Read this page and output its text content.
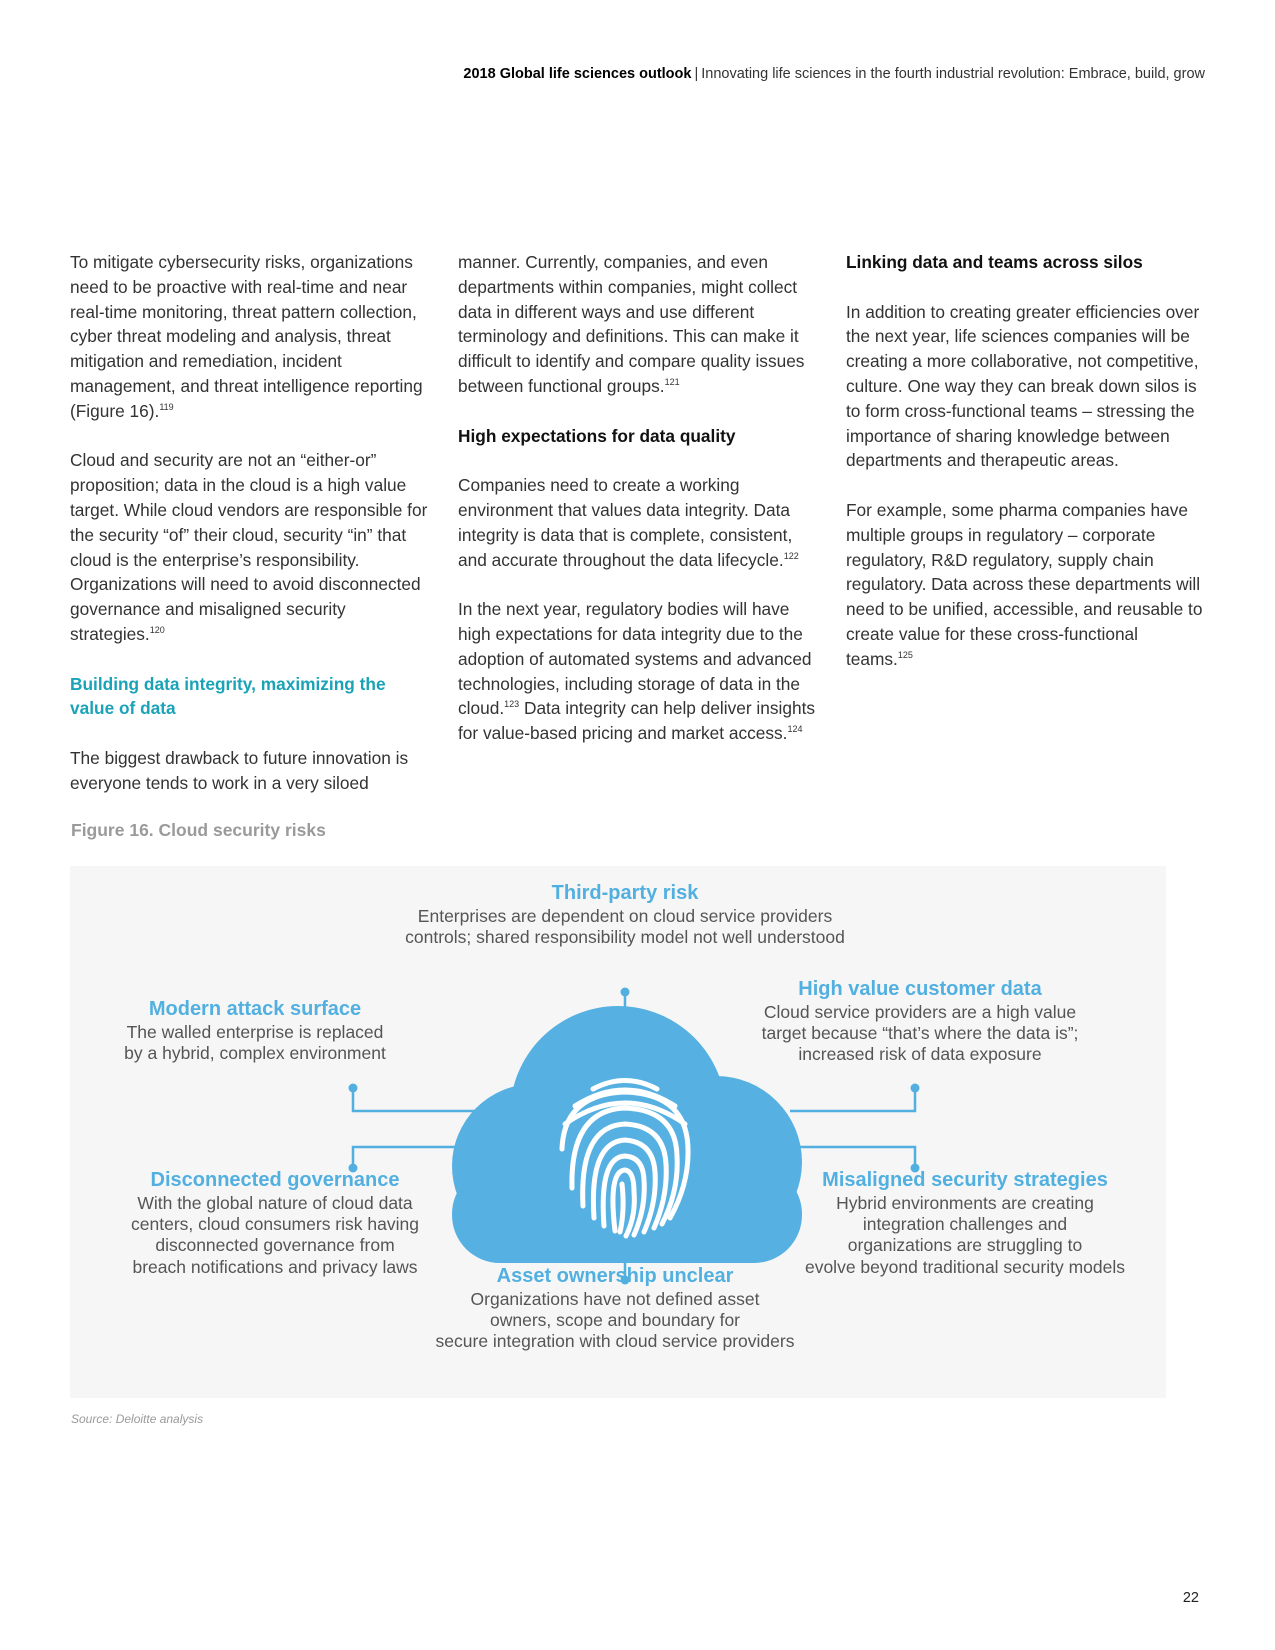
2018 Global life sciences outlook | Innovating life sciences in the fourth industrial revolution: Embrace, build, grow

To mitigate cybersecurity risks, organizations need to be proactive with real-time and near real-time monitoring, threat pattern collection, cyber threat modeling and analysis, threat mitigation and remediation, incident management, and threat intelligence reporting (Figure 16).$^{119}$

Cloud and security are not an “either-or” proposition; data in the cloud is a high value target. While cloud vendors are responsible for the security “of” their cloud, security “in” that cloud is the enterprise’s responsibility. Organizations will need to avoid disconnected governance and misaligned security strategies.$^{120}$

Building data integrity, maximizing the value of data

The biggest drawback to future innovation is everyone tends to work in a very siloed

manner. Currently, companies, and even departments within companies, might collect data in different ways and use different terminology and definitions. This can make it difficult to identify and compare quality issues between functional groups.$^{121}$

High expectations for data quality

Companies need to create a working environment that values data integrity. Data integrity is data that is complete, consistent, and accurate throughout the data lifecycle.$^{122}$

In the next year, regulatory bodies will have high expectations for data integrity due to the adoption of automated systems and advanced technologies, including storage of data in the cloud.$^{123}$ Data integrity can help deliver insights for value-based pricing and market access.$^{124}$

Linking data and teams across silos

In addition to creating greater efficiencies over the next year, life sciences companies will be creating a more collaborative, not competitive, culture. One way they can break down silos is to form cross-functional teams – stressing the importance of sharing knowledge between departments and therapeutic areas.

For example, some pharma companies have multiple groups in regulatory – corporate regulatory, R&D regulatory, supply chain regulatory. Data across these departments will need to be unified, accessible, and reusable to create value for these cross-functional teams.$^{125}$

Figure 16. Cloud security risks
Third-party risk
Enterprises are dependent on cloud service providers
controls; shared responsibility model not well understood
Modern attack surface
The walled enterprise is replaced
by a hybrid, complex environment
High value customer data
Cloud service providers are a high value
target because “that’s where the data is”;
increased risk of data exposure
Disconnected governance
With the global nature of cloud data
centers, cloud consumers risk having
disconnected governance from
breach notifications and privacy laws
Misaligned security strategies
Hybrid environments are creating
integration challenges and
organizations are struggling to
evolve beyond traditional security models
Asset ownership unclear
Organizations have not defined asset
owners, scope and boundary for
secure integration with cloud service providers
Source: Deloitte analysis
22
